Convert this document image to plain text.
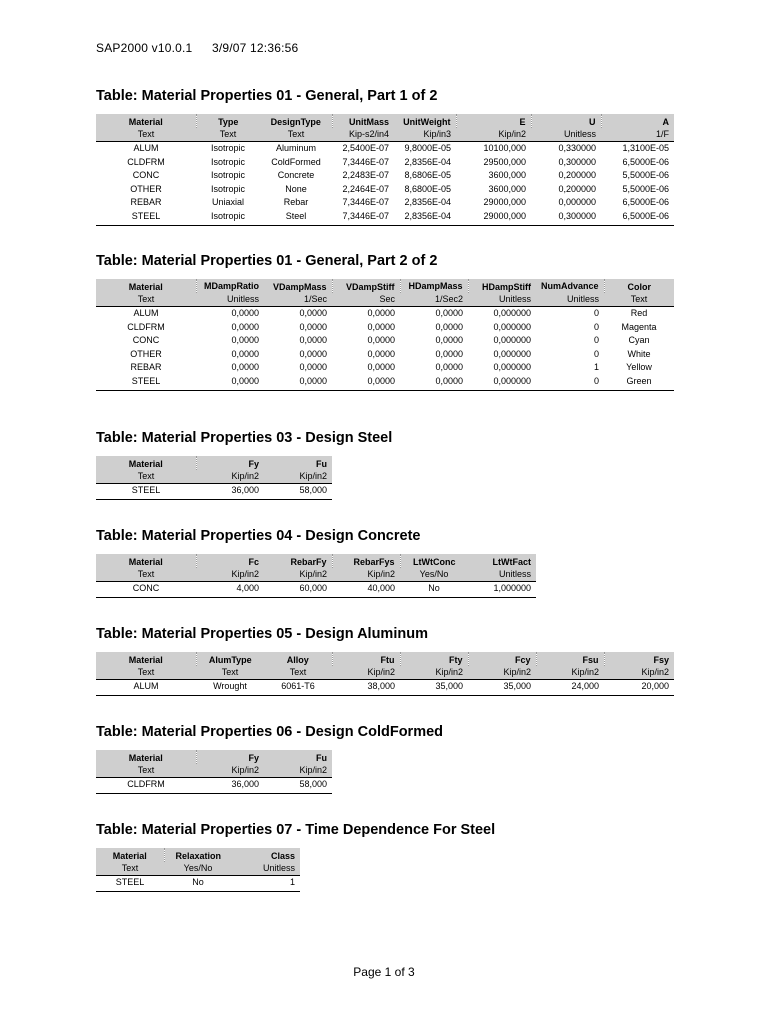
SAP2000 v10.0.1 3/9/07 12:36:56
Table: Material Properties 01 - General, Part 1 of 2
Material	Type	DesignType	UnitMass	UnitWeight	E	U	A
Text	Text	Text	Kip-s2/in4	Kip/in3	Kip/in2	Unitless	1/F
ALUM	Isotropic	Aluminum	2,5400E-07	9,8000E-05	10100,000	0,330000	1,3100E-05
CLDFRM	Isotropic	ColdFormed	7,3446E-07	2,8356E-04	29500,000	0,300000	6,5000E-06
CONC	Isotropic	Concrete	2,2483E-07	8,6806E-05	3600,000	0,200000	5,5000E-06
OTHER	Isotropic	None	2,2464E-07	8,6800E-05	3600,000	0,200000	5,5000E-06
REBAR	Uniaxial	Rebar	7,3446E-07	2,8356E-04	29000,000	0,000000	6,5000E-06
STEEL	Isotropic	Steel	7,3446E-07	2,8356E-04	29000,000	0,300000	6,5000E-06
Table: Material Properties 01 - General, Part 2 of 2
Material	MDampRatio	VDampMass	VDampStiff	HDampMass	HDampStiff	NumAdvance	Color
Text	Unitless	1/Sec	Sec	1/Sec2	Unitless	Unitless	Text
ALUM	0,0000	0,0000	0,0000	0,0000	0,000000	0	Red
CLDFRM	0,0000	0,0000	0,0000	0,0000	0,000000	0	Magenta
CONC	0,0000	0,0000	0,0000	0,0000	0,000000	0	Cyan
OTHER	0,0000	0,0000	0,0000	0,0000	0,000000	0	White
REBAR	0,0000	0,0000	0,0000	0,0000	0,000000	1	Yellow
STEEL	0,0000	0,0000	0,0000	0,0000	0,000000	0	Green
Table: Material Properties 03 - Design Steel
Material	Fy	Fu
Text	Kip/in2	Kip/in2
STEEL	36,000	58,000
Table: Material Properties 04 - Design Concrete
Material	Fc	RebarFy	RebarFys	LtWtConc	LtWtFact
Text	Kip/in2	Kip/in2	Kip/in2	Yes/No	Unitless
CONC	4,000	60,000	40,000	No	1,000000
Table: Material Properties 05 - Design Aluminum
Material	AlumType	Alloy	Ftu	Fty	Fcy	Fsu	Fsy
Text	Text	Text	Kip/in2	Kip/in2	Kip/in2	Kip/in2	Kip/in2
ALUM	Wrought	6061-T6	38,000	35,000	35,000	24,000	20,000
Table: Material Properties 06 - Design ColdFormed
Material	Fy	Fu
Text	Kip/in2	Kip/in2
CLDFRM	36,000	58,000
Table: Material Properties 07 - Time Dependence For Steel
Material	Relaxation	Class
Text	Yes/No	Unitless
STEEL	No	1
Page 1 of 3
